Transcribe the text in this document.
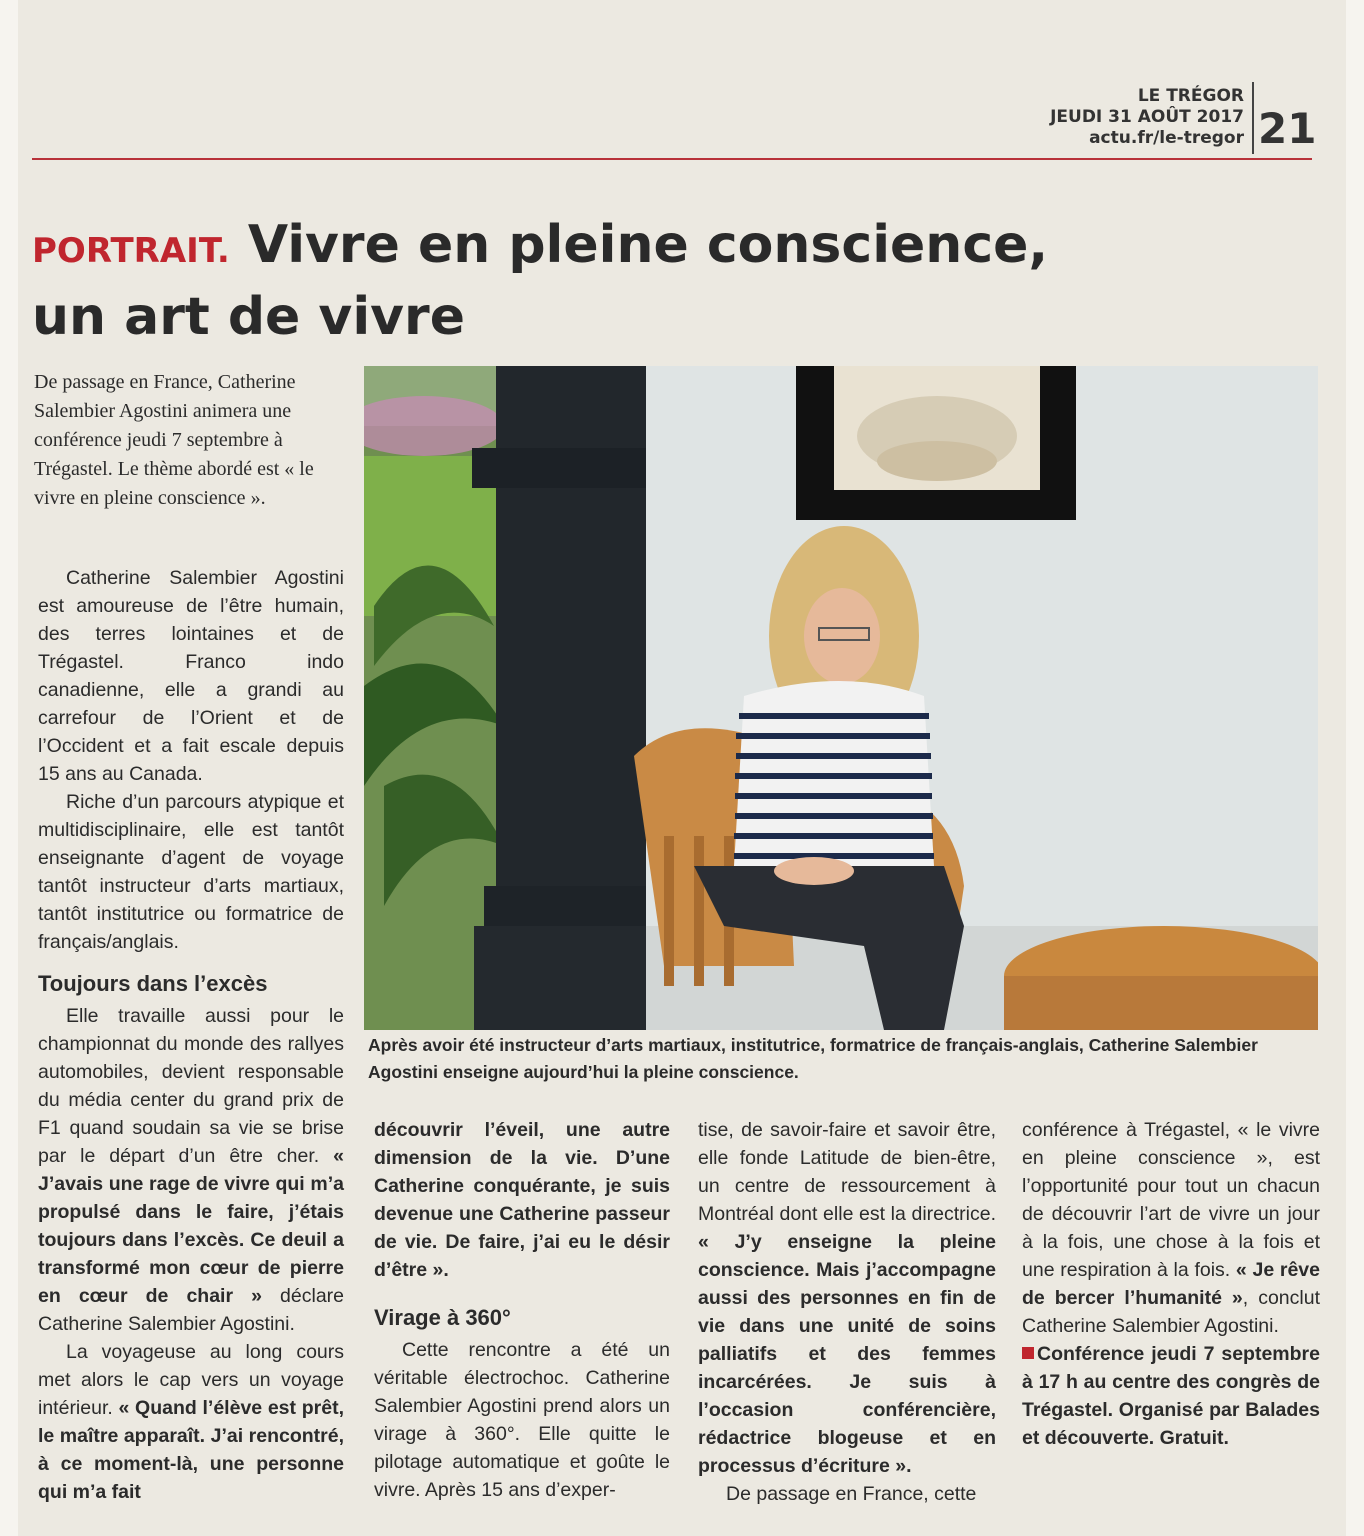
LE TRÉGOR
JEUDI 31 AOÛT 2017
actu.fr/le-tregor 21
PORTRAIT. Vivre en pleine conscience,
un art de vivre
De passage en France, Catherine Salembier Agostini animera une conférence jeudi 7 septembre à Trégastel. Le thème abordé est « le vivre en pleine conscience ».

Catherine Salembier Agostini est amoureuse de l’être humain, des terres lointaines et de Trégastel. Franco indo canadienne, elle a grandi au carrefour de l’Orient et de l’Occident et a fait escale depuis 15 ans au Canada.

Riche d’un parcours atypique et multidisciplinaire, elle est tantôt enseignante d’agent de voyage tantôt instructeur d’arts martiaux, tantôt institutrice ou formatrice de français/anglais.

Toujours dans l’excès

Elle travaille aussi pour le championnat du monde des rallyes automobiles, devient responsable du média center du grand prix de F1 quand soudain sa vie se brise par le départ d’un être cher. « J’avais une rage de vivre qui m’a propulsé dans le faire, j’étais toujours dans l’excès. Ce deuil a transformé mon cœur de pierre en cœur de chair » déclare Catherine Salembier Agostini.

La voyageuse au long cours met alors le cap vers un voyage intérieur. « Quand l’élève est prêt, le maître apparaît. J’ai rencontré, à ce moment-là, une personne qui m’a fait

Après avoir été instructeur d’arts martiaux, institutrice, formatrice de français-anglais, Catherine Salembier Agostini enseigne aujourd’hui la pleine conscience.

découvrir l’éveil, une autre dimension de la vie. D’une Catherine conquérante, je suis devenue une Catherine passeur de vie. De faire, j’ai eu le désir d’être ».

Virage à 360°

Cette rencontre a été un véritable électrochoc. Catherine Salembier Agostini prend alors un virage à 360°. Elle quitte le pilotage automatique et goûte le vivre. Après 15 ans d’exper-

tise, de savoir-faire et savoir être, elle fonde Latitude de bien-être, un centre de ressourcement à Montréal dont elle est la directrice. « J’y enseigne la pleine conscience. Mais j’accompagne aussi des personnes en fin de vie dans une unité de soins palliatifs et des femmes incarcérées. Je suis à l’occasion conférencière, rédactrice blogeuse et en processus d’écriture ».

De passage en France, cette

conférence à Trégastel, « le vivre en pleine conscience », est l’opportunité pour tout un chacun de découvrir l’art de vivre un jour à la fois, une chose à la fois et une respiration à la fois. « Je rêve de bercer l’humanité », conclut Catherine Salembier Agostini.

Conférence jeudi 7 septembre à 17 h au centre des congrès de Trégastel. Organisé par Balades et découverte. Gratuit.
